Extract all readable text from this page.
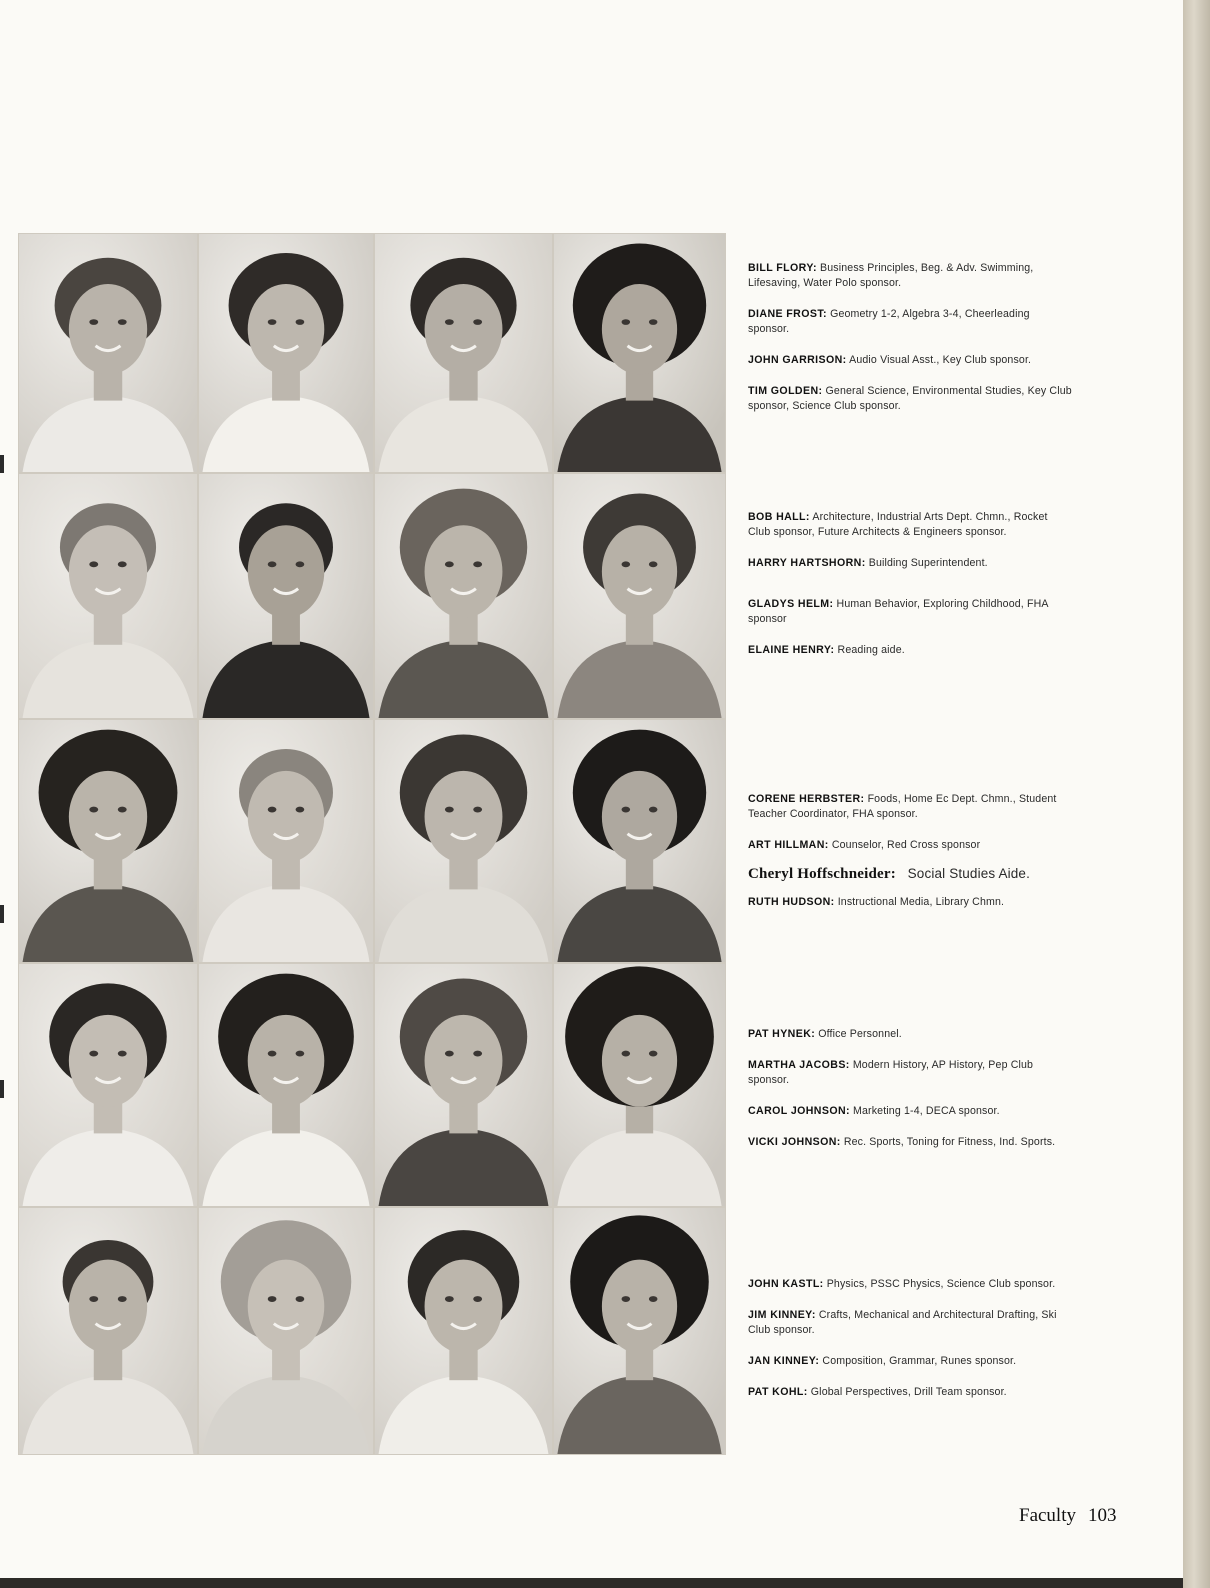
BILL FLORY: Business Principles, Beg. & Adv. Swimming, Lifesaving, Water Polo sponsor.

DIANE FROST: Geometry 1-2, Algebra 3-4, Cheerleading sponsor.

JOHN GARRISON: Audio Visual Asst., Key Club sponsor.

TIM GOLDEN: General Science, Environmental Studies, Key Club sponsor, Science Club sponsor.

BOB HALL: Architecture, Industrial Arts Dept. Chmn., Rocket Club sponsor, Future Architects & Engineers sponsor.

HARRY HARTSHORN: Building Superintendent.

GLADYS HELM: Human Behavior, Exploring Childhood, FHA sponsor

ELAINE HENRY: Reading aide.

CORENE HERBSTER: Foods, Home Ec Dept. Chmn., Student Teacher Coordinator, FHA sponsor.

ART HILLMAN: Counselor, Red Cross sponsor

Cheryl Hoffschneider: Social Studies Aide.

RUTH HUDSON: Instructional Media, Library Chmn.

PAT HYNEK: Office Personnel.

MARTHA JACOBS: Modern History, AP History, Pep Club sponsor.

CAROL JOHNSON: Marketing 1-4, DECA sponsor.

VICKI JOHNSON: Rec. Sports, Toning for Fitness, Ind. Sports.

JOHN KASTL: Physics, PSSC Physics, Science Club sponsor.

JIM KINNEY: Crafts, Mechanical and Architectural Drafting, Ski Club sponsor.

JAN KINNEY: Composition, Grammar, Runes sponsor.

PAT KOHL: Global Perspectives, Drill Team sponsor.

Faculty 103
